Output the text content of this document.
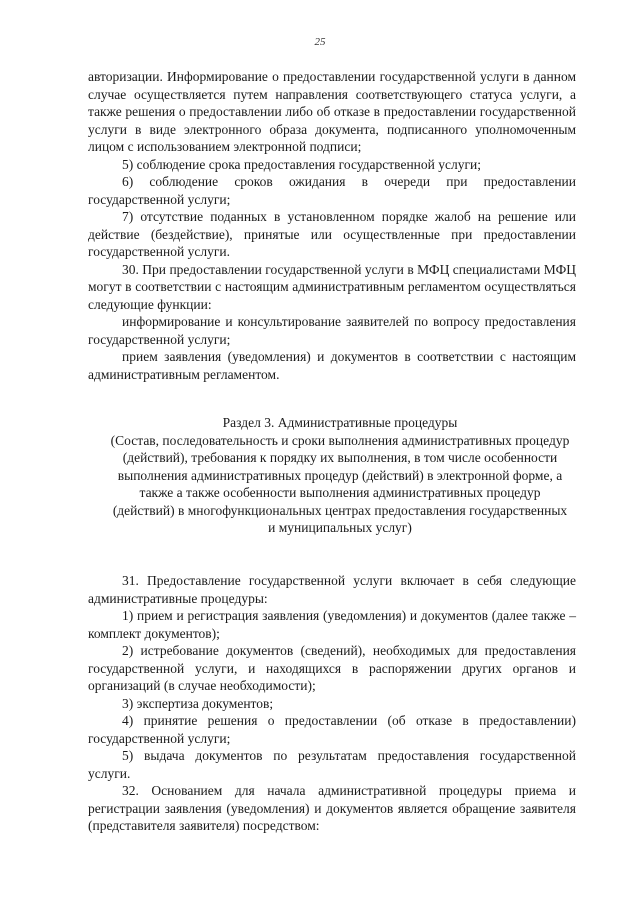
25

авторизации. Информирование о предоставлении государственной услуги в данном случае осуществляется путем направления соответствующего статуса услуги, а также решения о предоставлении либо об отказе в предоставлении государственной услуги в виде электронного образа документа, подписанного уполномоченным лицом с использованием электронной подписи;

5) соблюдение срока предоставления государственной услуги;

6) соблюдение сроков ожидания в очереди при предоставлении государственной услуги;

7) отсутствие поданных в установленном порядке жалоб на решение или действие (бездействие), принятые или осуществленные при предоставлении государственной услуги.

30. При предоставлении государственной услуги в МФЦ специалистами МФЦ могут в соответствии с настоящим административным регламентом осуществляться следующие функции:

информирование и консультирование заявителей по вопросу предоставления государственной услуги;

прием заявления (уведомления) и документов в соответствии с настоящим административным регламентом.

Раздел 3. Административные процедуры
(Состав, последовательность и сроки выполнения административных процедур (действий), требования к порядку их выполнения, в том числе особенности выполнения административных процедур (действий) в электронной форме, а также а также особенности выполнения административных процедур (действий) в многофункциональных центрах предоставления государственных и муниципальных услуг)

31. Предоставление государственной услуги включает в себя следующие административные процедуры:

1) прием и регистрация заявления (уведомления) и документов (далее также – комплект документов);

2) истребование документов (сведений), необходимых для предоставления государственной услуги, и находящихся в распоряжении других органов и организаций (в случае необходимости);

3) экспертиза документов;

4) принятие решения о предоставлении (об отказе в предоставлении) государственной услуги;

5) выдача документов по результатам предоставления государственной услуги.

32. Основанием для начала административной процедуры приема и регистрации заявления (уведомления) и документов является обращение заявителя (представителя заявителя) посредством:
